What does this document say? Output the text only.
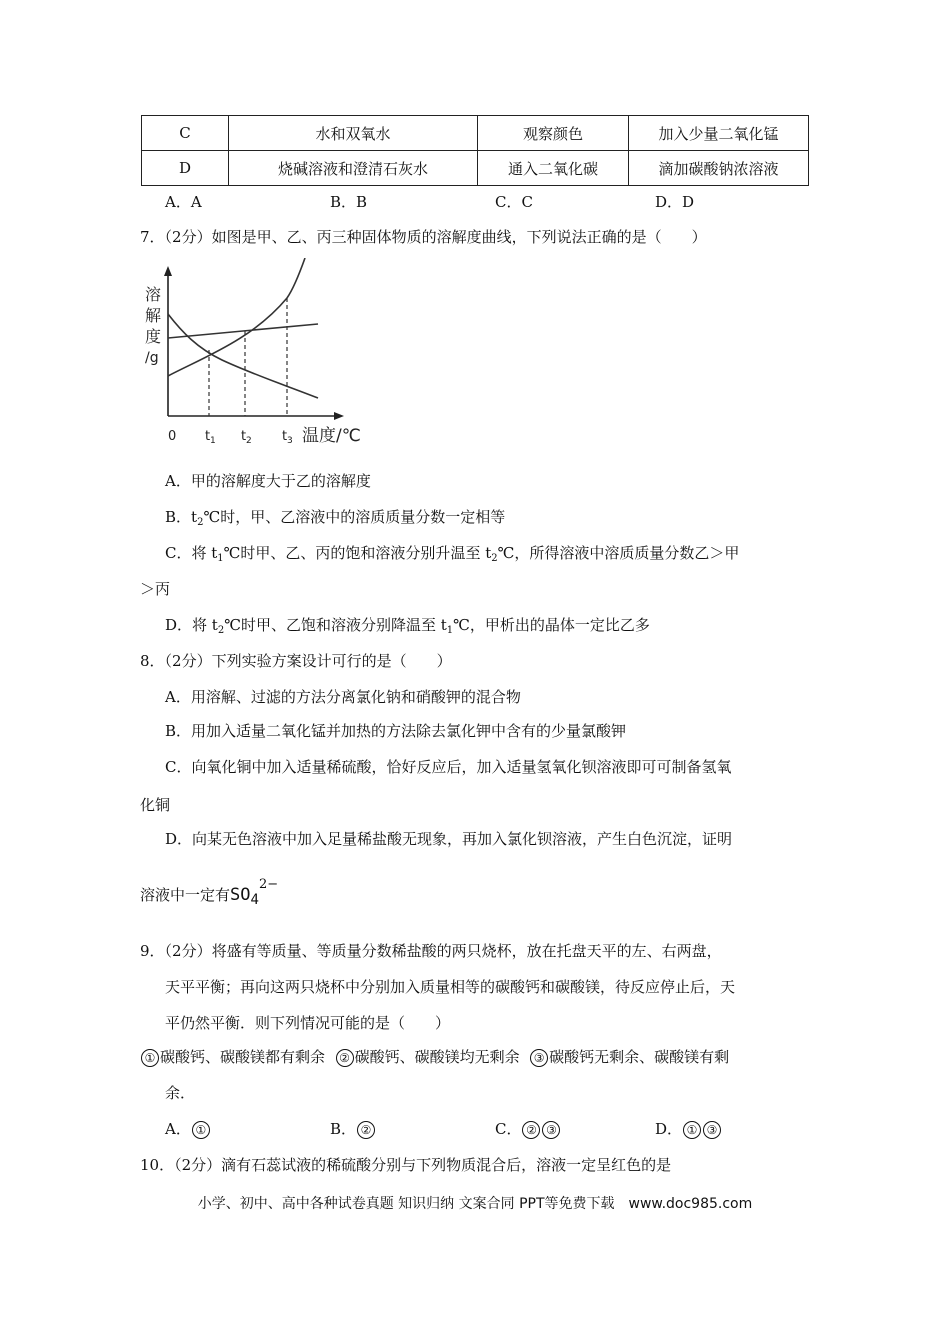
C	水和双氧水	观察颜色	加入少量二氧化锰
D	烧碱溶液和澄清石灰水	通入二氧化碳	滴加碳酸钠浓溶液
A．A	B．B	C．C	D．D
7．（2分）如图是甲、乙、丙三种固体物质的溶解度曲线，下列说法正确的是（　　）
溶
解
度
/g
0 t 1 t 2 t 3 温度/℃
A．甲的溶解度大于乙的溶解度
B．$t_2℃$时，甲、乙溶液中的溶质质量分数一定相等
C．将 $t_1℃$时甲、乙、丙的饱和溶液分别升温至 $t_2℃$，所得溶液中溶质质量分数乙＞甲
＞丙
D．将 $t_2℃$时甲、乙饱和溶液分别降温至 $t_1℃$，甲析出的晶体一定比乙多
8．（2分）下列实验方案设计可行的是（　　）
A．用溶解、过滤的方法分离氯化钠和硝酸钾的混合物
B．用加入适量二氧化锰并加热的方法除去氯化钾中含有的少量氯酸钾
C．向氧化铜中加入适量稀硫酸，恰好反应后，加入适量氢氧化钡溶液即可可制备氢氧
化铜
D．向某无色溶液中加入足量稀盐酸无现象，再加入氯化钡溶液，产生白色沉淀，证明
溶液中一定有SO42−
9．（2分）将盛有等质量、等质量分数稀盐酸的两只烧杯，放在托盘天平的左、右两盘，
天平平衡；再向这两只烧杯中分别加入质量相等的碳酸钙和碳酸镁，待反应停止后，天
平仍然平衡．则下列情况可能的是（　　）
① 碳酸钙、碳酸镁都有剩余 ② 碳酸钙、碳酸镁均无剩余 ③ 碳酸钙无剩余、碳酸镁有剩
余．
A． ①	B． ②	C． ② ③	D． ① ③
10．（2分）滴有石蕊试液的稀硫酸分别与下列物质混合后，溶液一定呈红色的是
小学、初中、高中各种试卷真题 知识归纳 文案合同 PPT等免费下载　www.doc985.com
